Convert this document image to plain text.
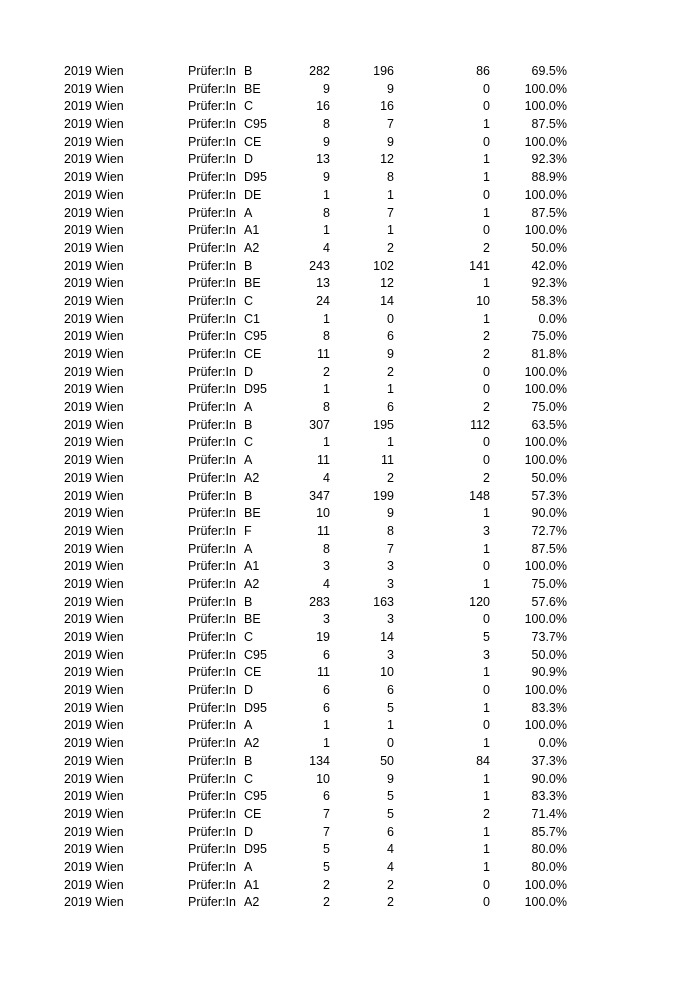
2019 Wien	Prüfer:In B	282	196	86	69.5%
2019 Wien	Prüfer:In BE	9	9	0	100.0%
2019 Wien	Prüfer:In C	16	16	0	100.0%
2019 Wien	Prüfer:In C95	8	7	1	87.5%
2019 Wien	Prüfer:In CE	9	9	0	100.0%
2019 Wien	Prüfer:In D	13	12	1	92.3%
2019 Wien	Prüfer:In D95	9	8	1	88.9%
2019 Wien	Prüfer:In DE	1	1	0	100.0%
2019 Wien	Prüfer:In A	8	7	1	87.5%
2019 Wien	Prüfer:In A1	1	1	0	100.0%
2019 Wien	Prüfer:In A2	4	2	2	50.0%
2019 Wien	Prüfer:In B	243	102	141	42.0%
2019 Wien	Prüfer:In BE	13	12	1	92.3%
2019 Wien	Prüfer:In C	24	14	10	58.3%
2019 Wien	Prüfer:In C1	1	0	1	0.0%
2019 Wien	Prüfer:In C95	8	6	2	75.0%
2019 Wien	Prüfer:In CE	11	9	2	81.8%
2019 Wien	Prüfer:In D	2	2	0	100.0%
2019 Wien	Prüfer:In D95	1	1	0	100.0%
2019 Wien	Prüfer:In A	8	6	2	75.0%
2019 Wien	Prüfer:In B	307	195	112	63.5%
2019 Wien	Prüfer:In C	1	1	0	100.0%
2019 Wien	Prüfer:In A	11	11	0	100.0%
2019 Wien	Prüfer:In A2	4	2	2	50.0%
2019 Wien	Prüfer:In B	347	199	148	57.3%
2019 Wien	Prüfer:In BE	10	9	1	90.0%
2019 Wien	Prüfer:In F	11	8	3	72.7%
2019 Wien	Prüfer:In A	8	7	1	87.5%
2019 Wien	Prüfer:In A1	3	3	0	100.0%
2019 Wien	Prüfer:In A2	4	3	1	75.0%
2019 Wien	Prüfer:In B	283	163	120	57.6%
2019 Wien	Prüfer:In BE	3	3	0	100.0%
2019 Wien	Prüfer:In C	19	14	5	73.7%
2019 Wien	Prüfer:In C95	6	3	3	50.0%
2019 Wien	Prüfer:In CE	11	10	1	90.9%
2019 Wien	Prüfer:In D	6	6	0	100.0%
2019 Wien	Prüfer:In D95	6	5	1	83.3%
2019 Wien	Prüfer:In A	1	1	0	100.0%
2019 Wien	Prüfer:In A2	1	0	1	0.0%
2019 Wien	Prüfer:In B	134	50	84	37.3%
2019 Wien	Prüfer:In C	10	9	1	90.0%
2019 Wien	Prüfer:In C95	6	5	1	83.3%
2019 Wien	Prüfer:In CE	7	5	2	71.4%
2019 Wien	Prüfer:In D	7	6	1	85.7%
2019 Wien	Prüfer:In D95	5	4	1	80.0%
2019 Wien	Prüfer:In A	5	4	1	80.0%
2019 Wien	Prüfer:In A1	2	2	0	100.0%
2019 Wien	Prüfer:In A2	2	2	0	100.0%
